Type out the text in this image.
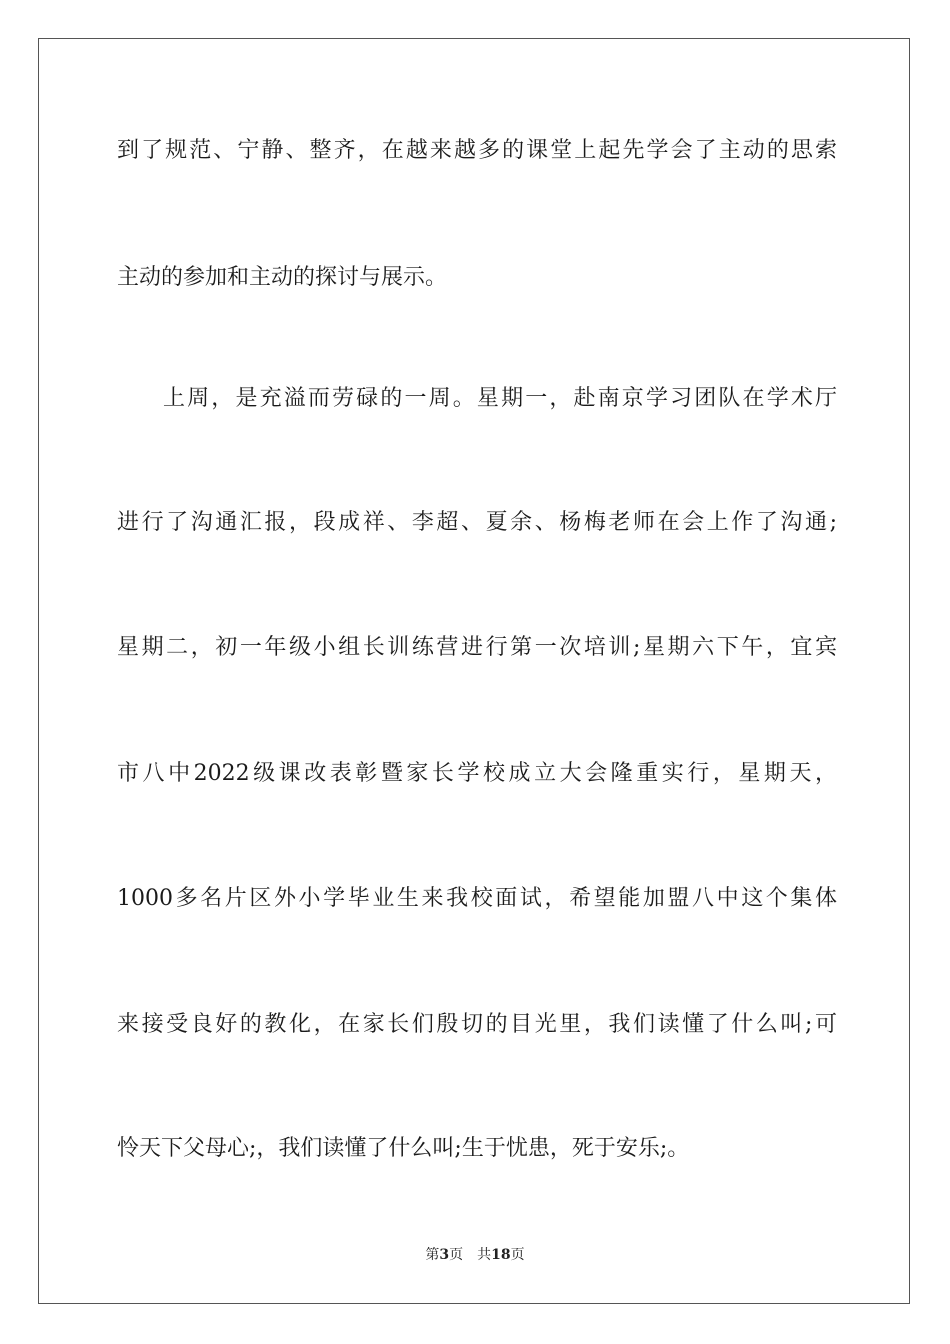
到了规范、宁静、整齐，在越来越多的课堂上起先学会了主动的思索
主动的参加和主动的探讨与展示。
上周，是充溢而劳碌的一周。星期一，赴南京学习团队在学术厅
进行了沟通汇报，段成祥、李超、夏余、杨梅老师在会上作了沟通;
星期二，初一年级小组长训练营进行第一次培训;星期六下午，宜宾
市八中2022级课改表彰暨家长学校成立大会隆重实行，星期天，
1000多名片区外小学毕业生来我校面试，希望能加盟八中这个集体
来接受良好的教化，在家长们殷切的目光里，我们读懂了什么叫;可
怜天下父母心;，我们读懂了什么叫;生于忧患，死于安乐;。
第3页 共18页
